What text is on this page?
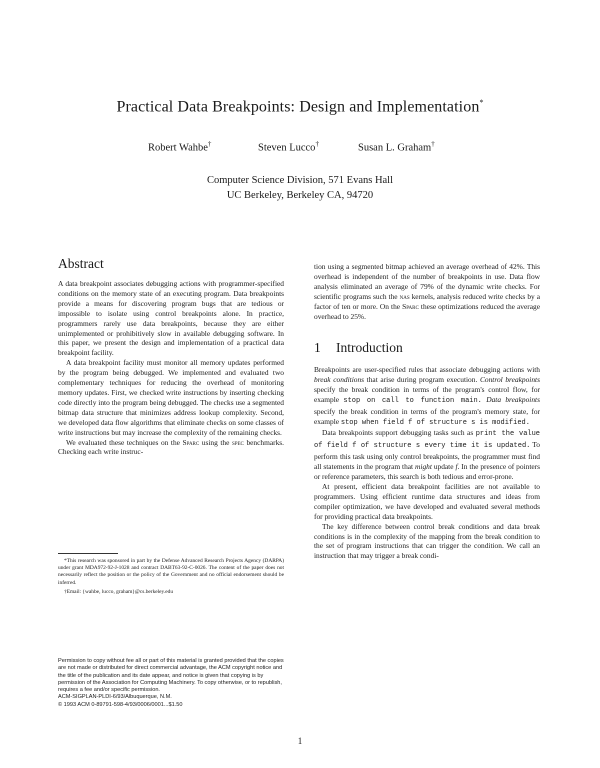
Practical Data Breakpoints: Design and Implementation*
Robert Wahbe†	Steven Lucco†	Susan L. Graham†
Computer Science Division, 571 Evans Hall
UC Berkeley, Berkeley CA, 94720
Abstract

A data breakpoint associates debugging actions with programmer-specified conditions on the memory state of an executing program. Data breakpoints provide a means for discovering program bugs that are tedious or impossible to isolate using control breakpoints alone. In practice, programmers rarely use data breakpoints, because they are either unimplemented or prohibitively slow in available debugging software. In this paper, we present the design and implementation of a practical data breakpoint facility.

A data breakpoint facility must monitor all memory updates performed by the program being debugged. We implemented and evaluated two complementary techniques for reducing the overhead of monitoring memory updates. First, we checked write instructions by inserting checking code directly into the program being debugged. The checks use a segmented bitmap data structure that minimizes address lookup complexity. Second, we developed data flow algorithms that eliminate checks on some classes of write instructions but may increase the complexity of the remaining checks.

We evaluated these techniques on the Sparc using the spec benchmarks. Checking each write instruc-

*This research was sponsored in part by the Defense Advanced Research Projects Agency (DARPA) under grant MDA972-92-J-1028 and contract DABT63-92-C-0026. The content of the paper does not necessarily reflect the position or the policy of the Government and no official endorsement should be inferred.

†Email: {wahbe, lucco, graham}@cs.berkeley.edu

Permission to copy without fee all or part of this material is granted provided that the copies are not made or distributed for direct commercial advantage, the ACM copyright notice and the title of the publication and its date appear, and notice is given that copying is by permission of the Association for Computing Machinery. To copy otherwise, or to republish, requires a fee and/or specific permission.
ACM-SIGPLAN-PLDI-6/93/Albuquerque, N.M.
© 1993 ACM 0-89791-598-4/93/0006/0001...$1.50

tion using a segmented bitmap achieved an average overhead of 42%. This overhead is independent of the number of breakpoints in use. Data flow analysis eliminated an average of 79% of the dynamic write checks. For scientific programs such the nas kernels, analysis reduced write checks by a factor of ten or more. On the Sparc these optimizations reduced the average overhead to 25%.

1 Introduction

Breakpoints are user-specified rules that associate debugging actions with break conditions that arise during program execution. Control breakpoints specify the break condition in terms of the program's control flow, for example stop on call to function main. Data breakpoints specify the break condition in terms of the program's memory state, for example stop when field f of structure s is modified.

Data breakpoints support debugging tasks such as print the value of field f of structure s every time it is updated. To perform this task using only control breakpoints, the programmer must find all statements in the program that might update f. In the presence of pointers or reference parameters, this search is both tedious and error-prone.

At present, efficient data breakpoint facilities are not available to programmers. Using efficient runtime data structures and ideas from compiler optimization, we have developed and evaluated several methods for providing practical data breakpoints.

The key difference between control break conditions and data break conditions is in the complexity of the mapping from the break condition to the set of program instructions that can trigger the condition. We call an instruction that may trigger a break condi-

1
